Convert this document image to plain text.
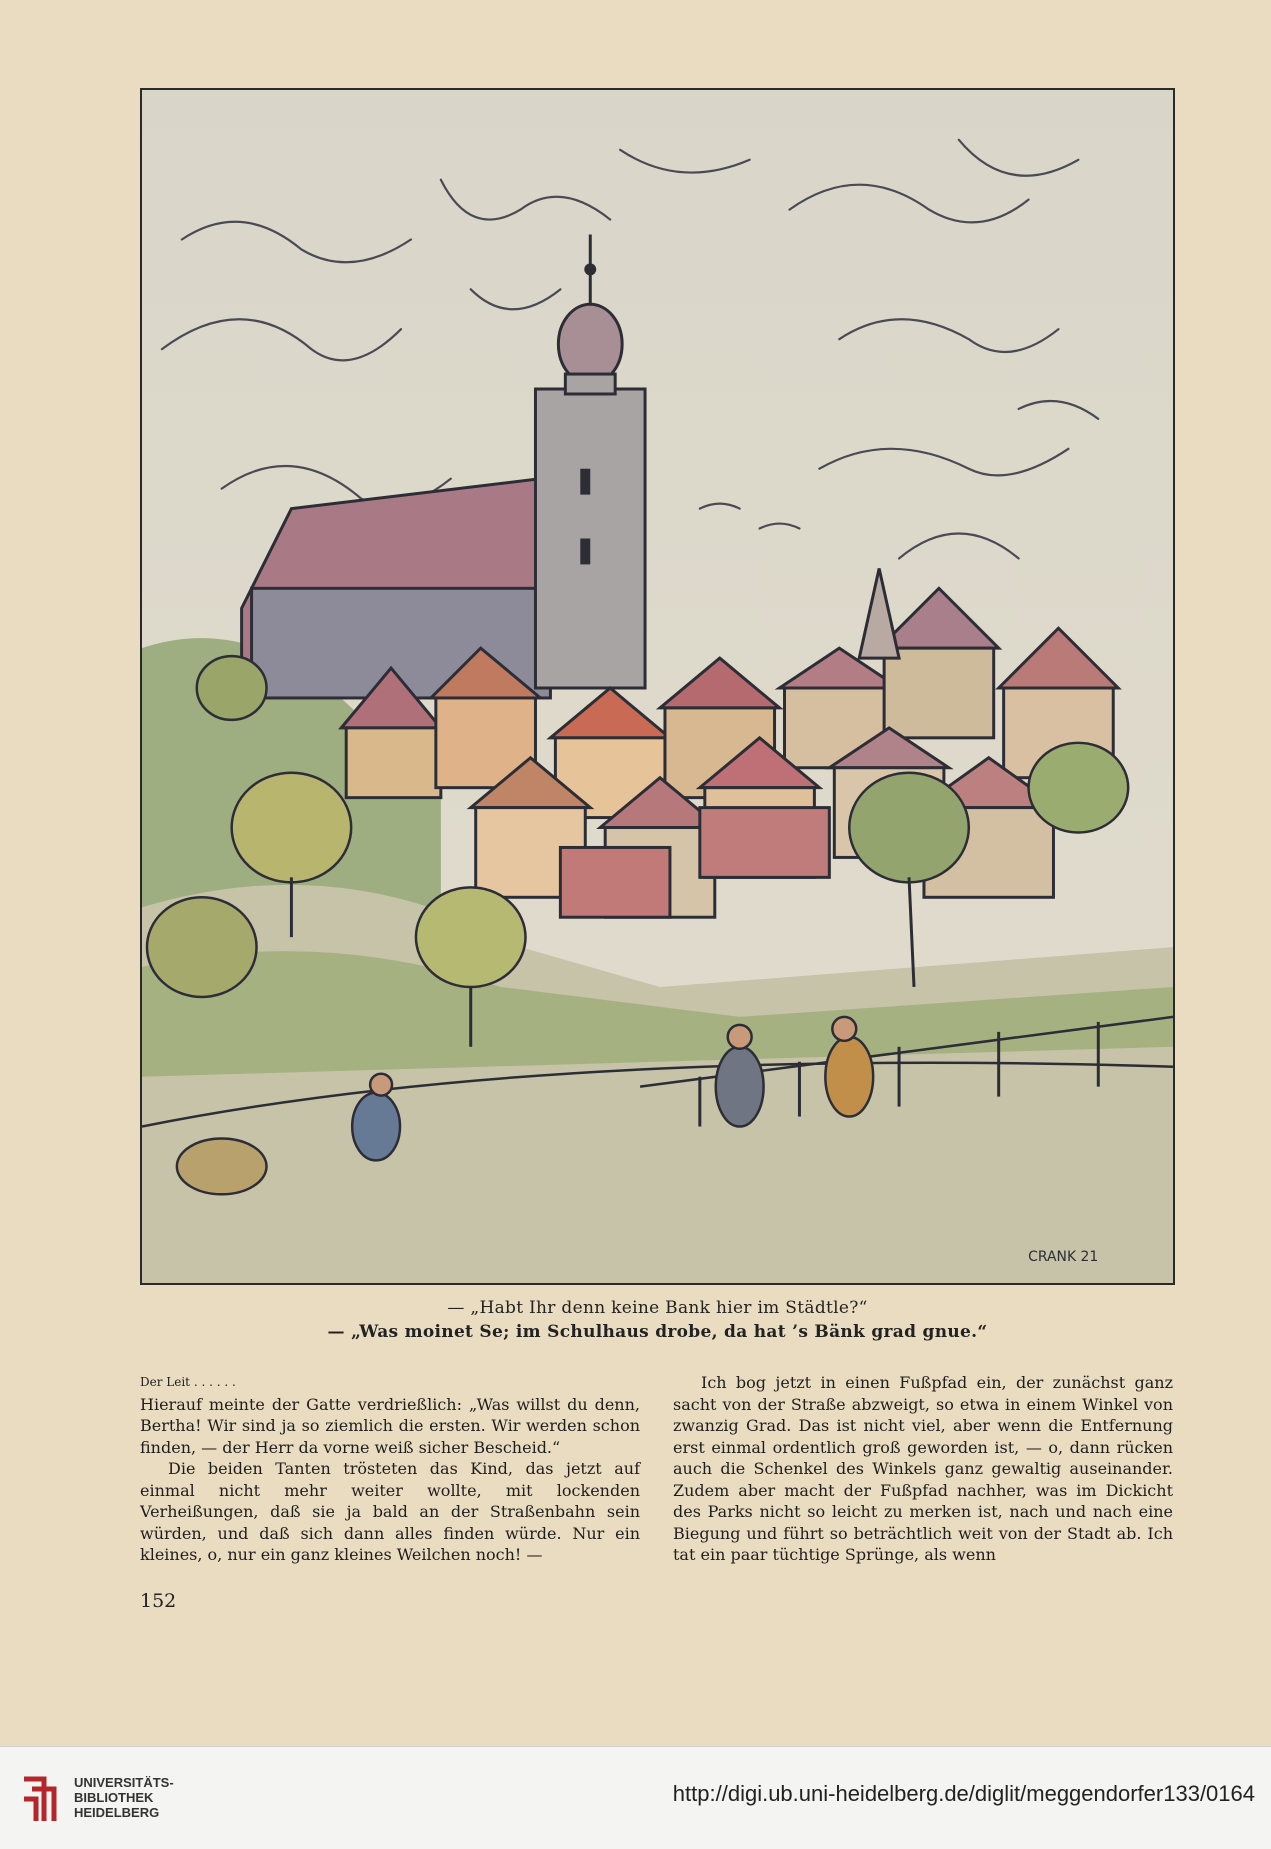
CRANK 21
— „Habt Ihr denn keine Bank hier im Städtle?“
— „Was moinet Se; im Schulhaus drobe, da hat ’s Bänk grad gnue.“

Der Leit . . . . . .

Hierauf meinte der Gatte verdrießlich: „Was willst du denn, Bertha! Wir sind ja so ziemlich die ersten. Wir werden schon finden, — der Herr da vorne weiß sicher Bescheid.“

Die beiden Tanten trösteten das Kind, das jetzt auf einmal nicht mehr weiter wollte, mit lockenden Verheißungen, daß sie ja bald an der Straßenbahn sein würden, und daß sich dann alles finden würde. Nur ein kleines, o, nur ein ganz kleines Weilchen noch! —

Ich bog jetzt in einen Fußpfad ein, der zunächst ganz sacht von der Straße abzweigt, so etwa in einem Winkel von zwanzig Grad. Das ist nicht viel, aber wenn die Entfernung erst einmal ordentlich groß geworden ist, — o, dann rücken auch die Schenkel des Winkels ganz gewaltig auseinander. Zudem aber macht der Fußpfad nachher, was im Dickicht des Parks nicht so leicht zu merken ist, nach und nach eine Biegung und führt so beträchtlich weit von der Stadt ab. Ich tat ein paar tüchtige Sprünge, als wenn

152
UNIVERSITÄTS-
BIBLIOTHEK
HEIDELBERG
http://digi.ub.uni-heidelberg.de/diglit/meggendorfer133/0164
